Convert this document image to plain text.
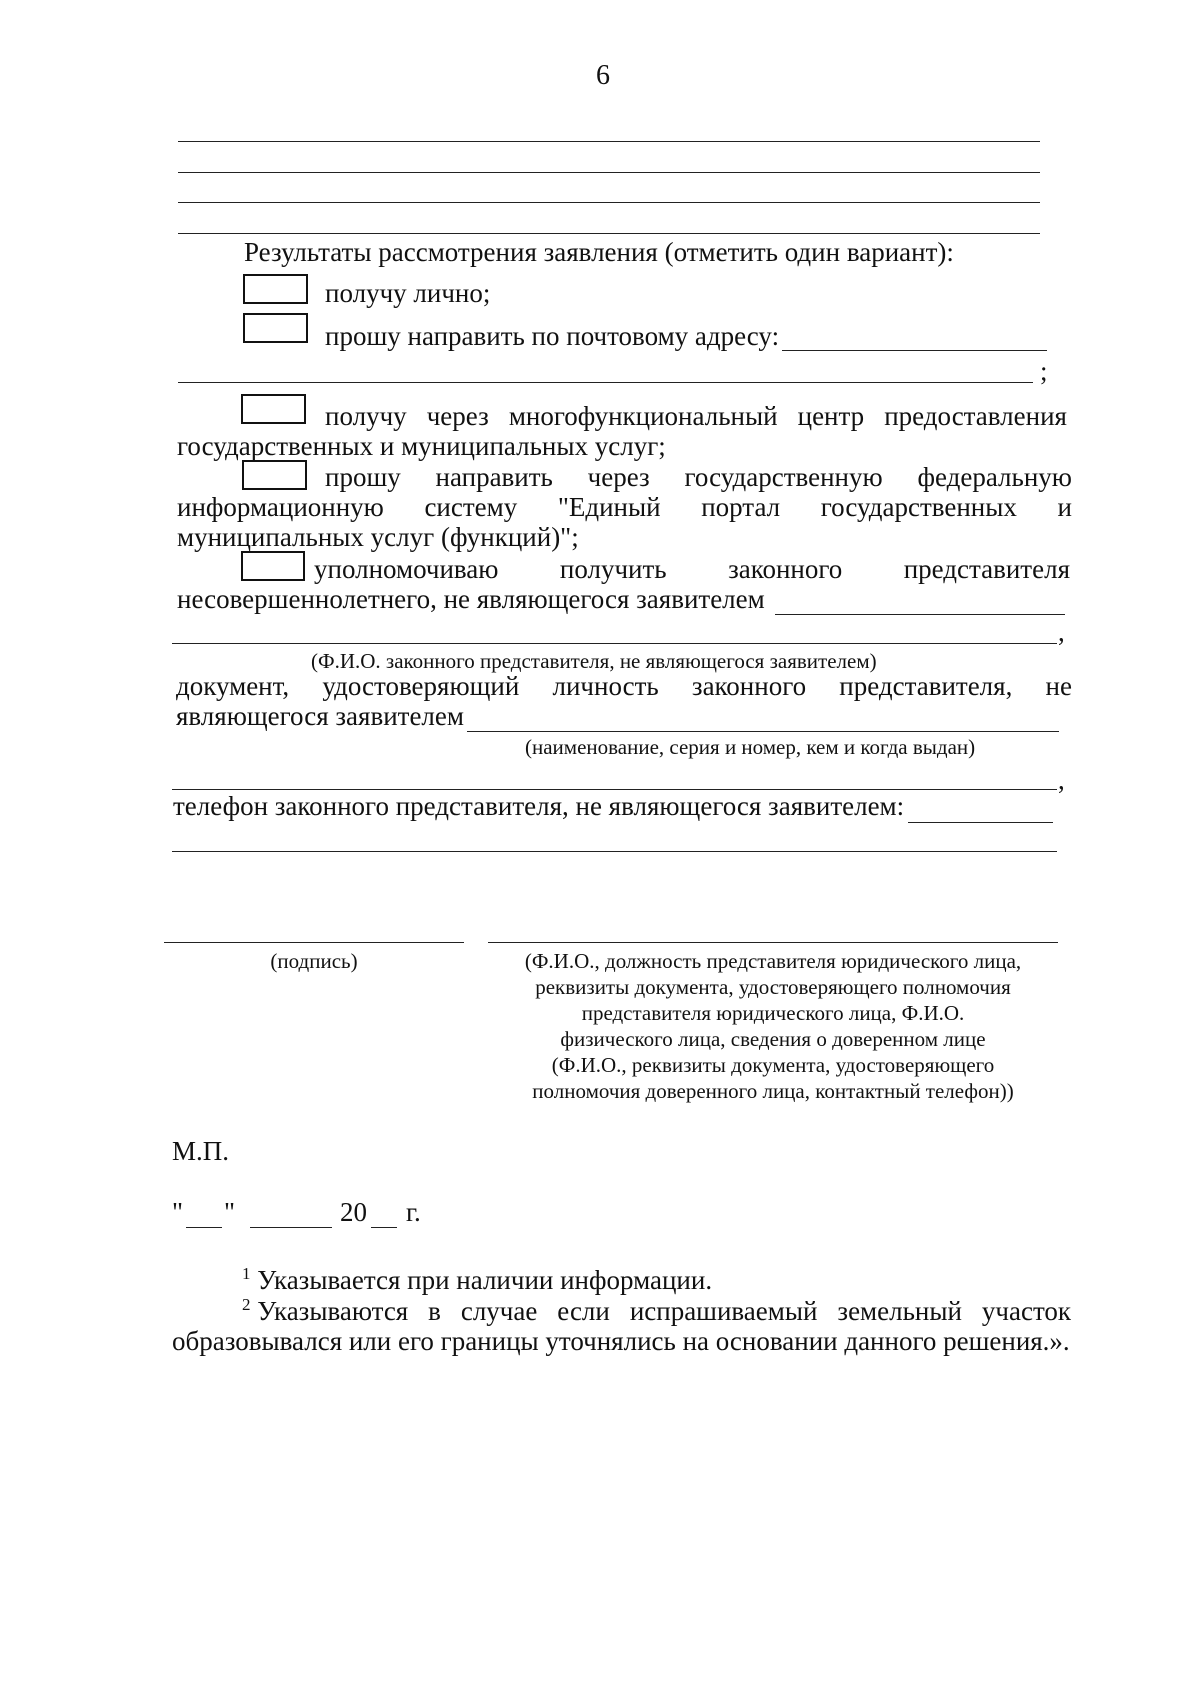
6
Результаты рассмотрения заявления (отметить один вариант):
получу лично;
прошу направить по почтовому адресу:
;
получу через многофункциональный центр предоставления
государственных и муниципальных услуг;
прошу направить через государственную федеральную
информационную систему "Единый портал государственных и
муниципальных услуг (функций)";
уполномочиваю получить законного представителя
несовершеннолетнего, не являющегося заявителем
,
(Ф.И.О. законного представителя, не являющегося заявителем)
документ, удостоверяющий личность законного представителя, не
являющегося заявителем
(наименование, серия и номер, кем и когда выдан)
,
телефон законного представителя, не являющегося заявителем:
(подпись)	(Ф.И.О., должность представителя юридического лица,
реквизиты документа, удостоверяющего полномочия
представителя юридического лица, Ф.И.О.
физического лица, сведения о доверенном лице
(Ф.И.О., реквизиты документа, удостоверяющего
полномочия доверенного лица, контактный телефон))
М.П.
" "	20 г.
$^1$ Указывается при наличии информации.
$^2$ Указываются в случае если испрашиваемый земельный участок
образовывался или его границы уточнялись на основании данного решения.».
